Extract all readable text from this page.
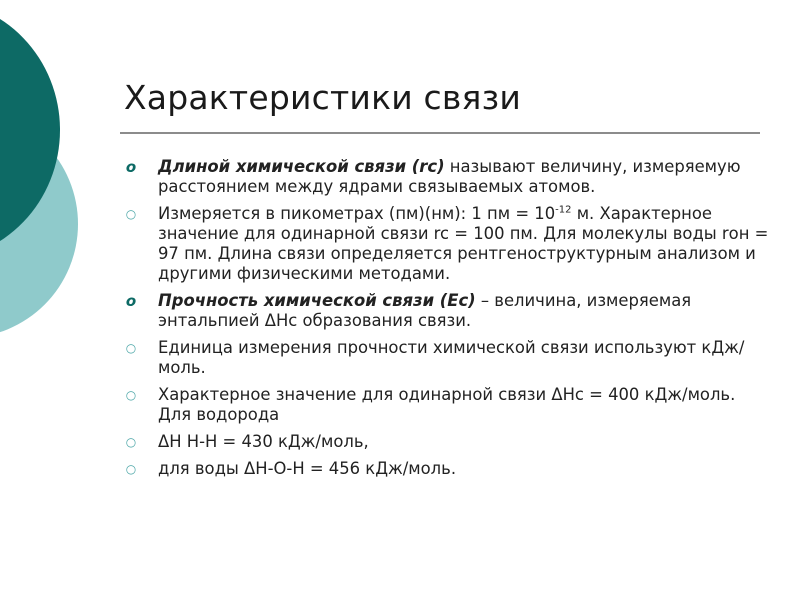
Характеристики связи
o	Длиной химической связи (rc) называют величину, измеряемую расстоянием между ядрами связываемых атомов.
○	Измеряется в пикометрах (пм)(нм): 1 пм = $10^{-12}$ м. Характерное значение для одинарной связи rc = 100 пм. Для молекулы воды rон = 97 пм. Длина связи определяется рентгеноструктурным анализом и другими физическими методами.
o	Прочность химической связи (Ec) – величина, измеряемая энтальпией ΔНс образования связи.
○	Единица измерения прочности химической связи используют кДж/моль.
○	Характерное значение для одинарной связи ΔНс = 400 кДж/моль. Для водорода
○	ΔН Н-Н = 430 кДж/моль,
○	для воды ΔН-О-Н = 456 кДж/моль.
